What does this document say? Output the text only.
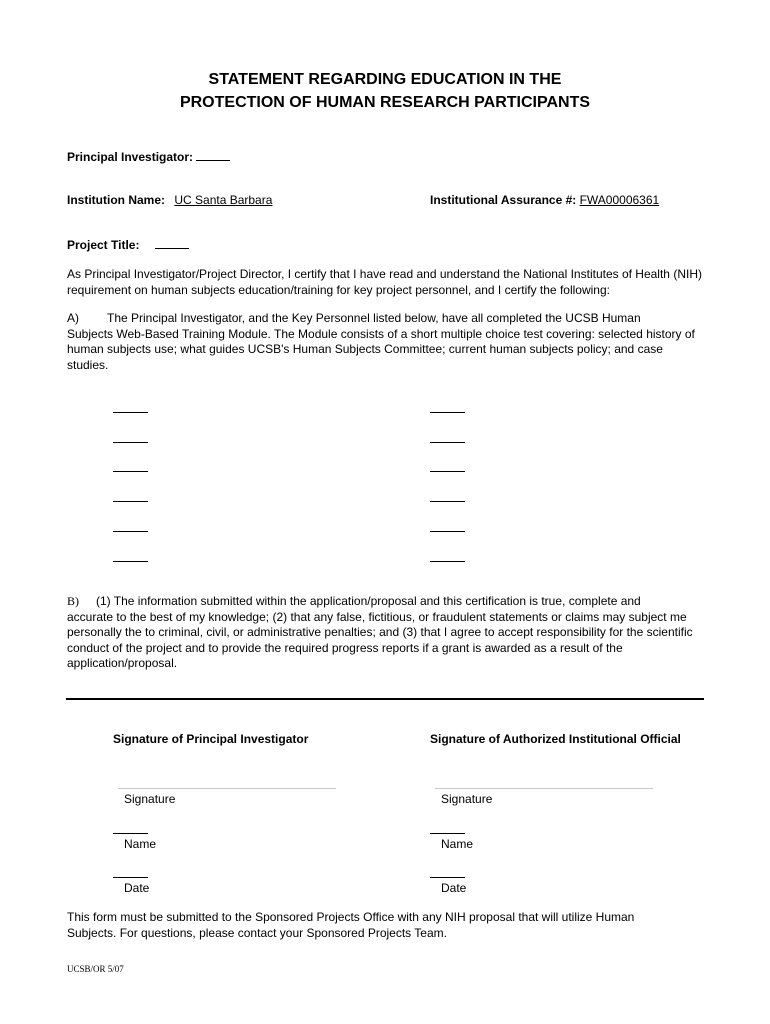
STATEMENT REGARDING EDUCATION IN THE
PROTECTION OF HUMAN RESEARCH PARTICIPANTS
Principal Investigator:
Institution Name: UC Santa Barbara	Institutional Assurance #: FWA00006361
Project Title:
As Principal Investigator/Project Director, I certify that I have read and understand the National Institutes of Health (NIH) requirement on human subjects education/training for key project personnel, and I certify the following:
A) The Principal Investigator, and the Key Personnel listed below, have all completed the UCSB Human
Subjects Web-Based Training Module. The Module consists of a short multiple choice test covering: selected history of human subjects use; what guides UCSB's Human Subjects Committee; current human subjects policy; and case studies.
B) (1) The information submitted within the application/proposal and this certification is true, complete and
accurate to the best of my knowledge; (2) that any false, fictitious, or fraudulent statements or claims may subject me personally the to criminal, civil, or administrative penalties; and (3) that I agree to accept responsibility for the scientific conduct of the project and to provide the required progress reports if a grant is awarded as a result of the application/proposal.
Signature of Principal Investigator	Signature of Authorized Institutional Official
Signature	Signature
Name	Name
Date	Date
This form must be submitted to the Sponsored Projects Office with any NIH proposal that will utilize Human Subjects. For questions, please contact your Sponsored Projects Team.
UCSB/OR 5/07
